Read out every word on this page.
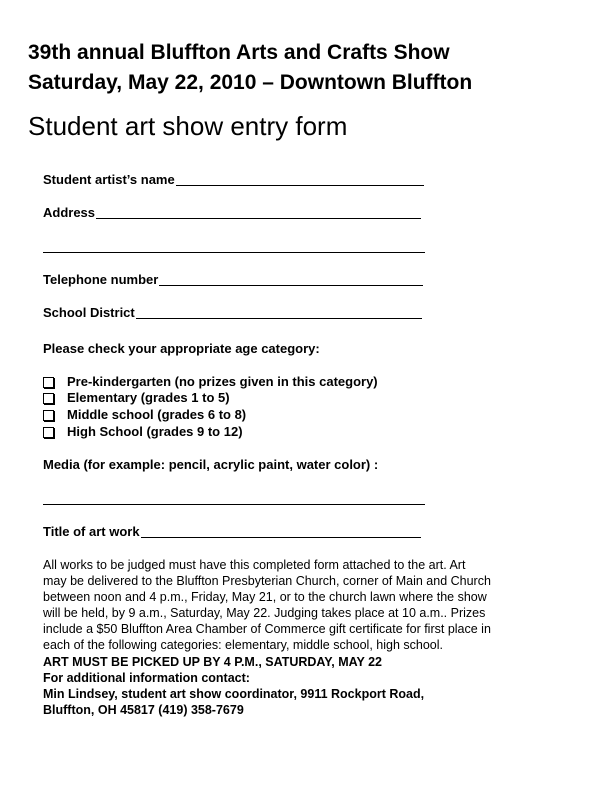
39th annual Bluffton Arts and Crafts Show
Saturday, May 22, 2010 – Downtown Bluffton
Student art show entry form
Student artist’s name
Address
Telephone number
School District
Please check your appropriate age category:
Pre-kindergarten (no prizes given in this category)
Elementary (grades 1 to 5)
Middle school (grades 6 to 8)
High School (grades 9 to 12)
Media (for example: pencil, acrylic paint, water color) :
Title of art work

All works to be judged must have this completed form attached to the art. Art

may be delivered to the Bluffton Presbyterian Church, corner of Main and Church

between noon and 4 p.m., Friday, May 21, or to the church lawn where the show

will be held, by 9 a.m., Saturday, May 22. Judging takes place at 10 a.m.. Prizes

include a $50 Bluffton Area Chamber of Commerce gift certificate for first place in

each of the following categories: elementary, middle school, high school.

ART MUST BE PICKED UP BY 4 P.M., SATURDAY, MAY 22

For additional information contact:

Min Lindsey, student art show coordinator, 9911 Rockport Road,

Bluffton, OH 45817 (419) 358-7679
